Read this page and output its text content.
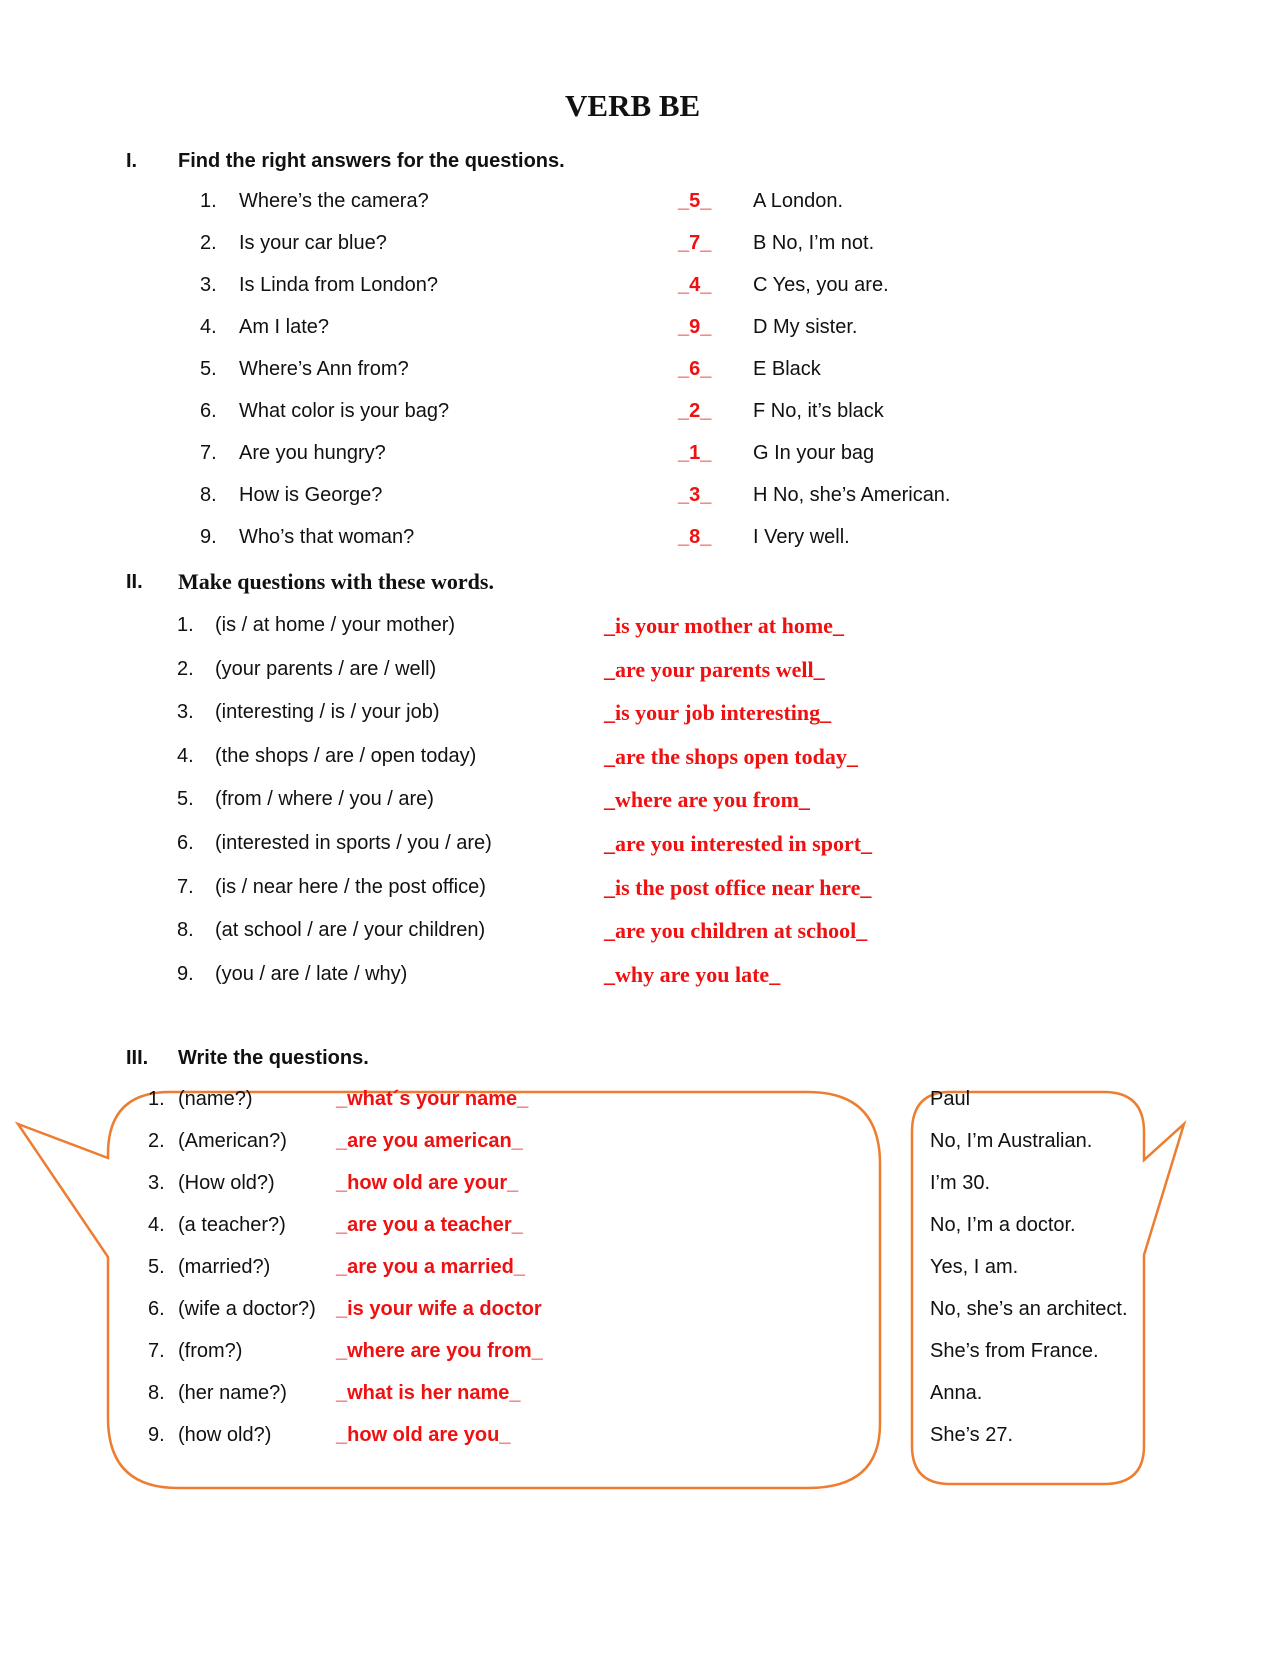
VERB BE
I. Find the right answers for the questions.
1. Where’s the camera?	_5_ A London.
2. Is your car blue?	_7_ B No, I’m not.
3. Is Linda from London?	_4_ C Yes, you are.
4. Am I late?	_9_ D My sister.
5. Where’s Ann from?	_6_ E Black
6. What color is your bag?	_2_ F No, it’s black
7. Are you hungry?	_1_ G In your bag
8. How is George?	_3_ H No, she’s American.
9. Who’s that woman?	_8_ I Very well.
II. Make questions with these words.
1. (is / at home / your mother)	_is your mother at home_
2. (your parents / are / well)	_are your parents well_
3. (interesting / is / your job)	_is your job interesting_
4. (the shops / are / open today)	_are the shops open today_
5. (from / where / you / are)	_where are you from_
6. (interested in sports / you / are)	_are you interested in sport_
7. (is / near here / the post office)	_is the post office near here_
8. (at school / are / your children)	_are you children at school_
9. (you / are / late / why)	_why are you late_
III. Write the questions.
1. (name?)	_what´s your name_	Paul
2. (American?) _are you american_	No, I’m Australian.
3. (How old?)	_how old are your_	I’m 30.
4. (a teacher?)	_are you a teacher_	No, I’m a doctor.
5. (married?)	_are you a married_	Yes, I am.
6. (wife a doctor?) _is your wife a doctor	No, she’s an architect.
7. (from?)	_where are you from_	She’s from France.
8. (her name?) _what is her name_	Anna.
9. (how old?)	_how old are you_	She’s 27.
